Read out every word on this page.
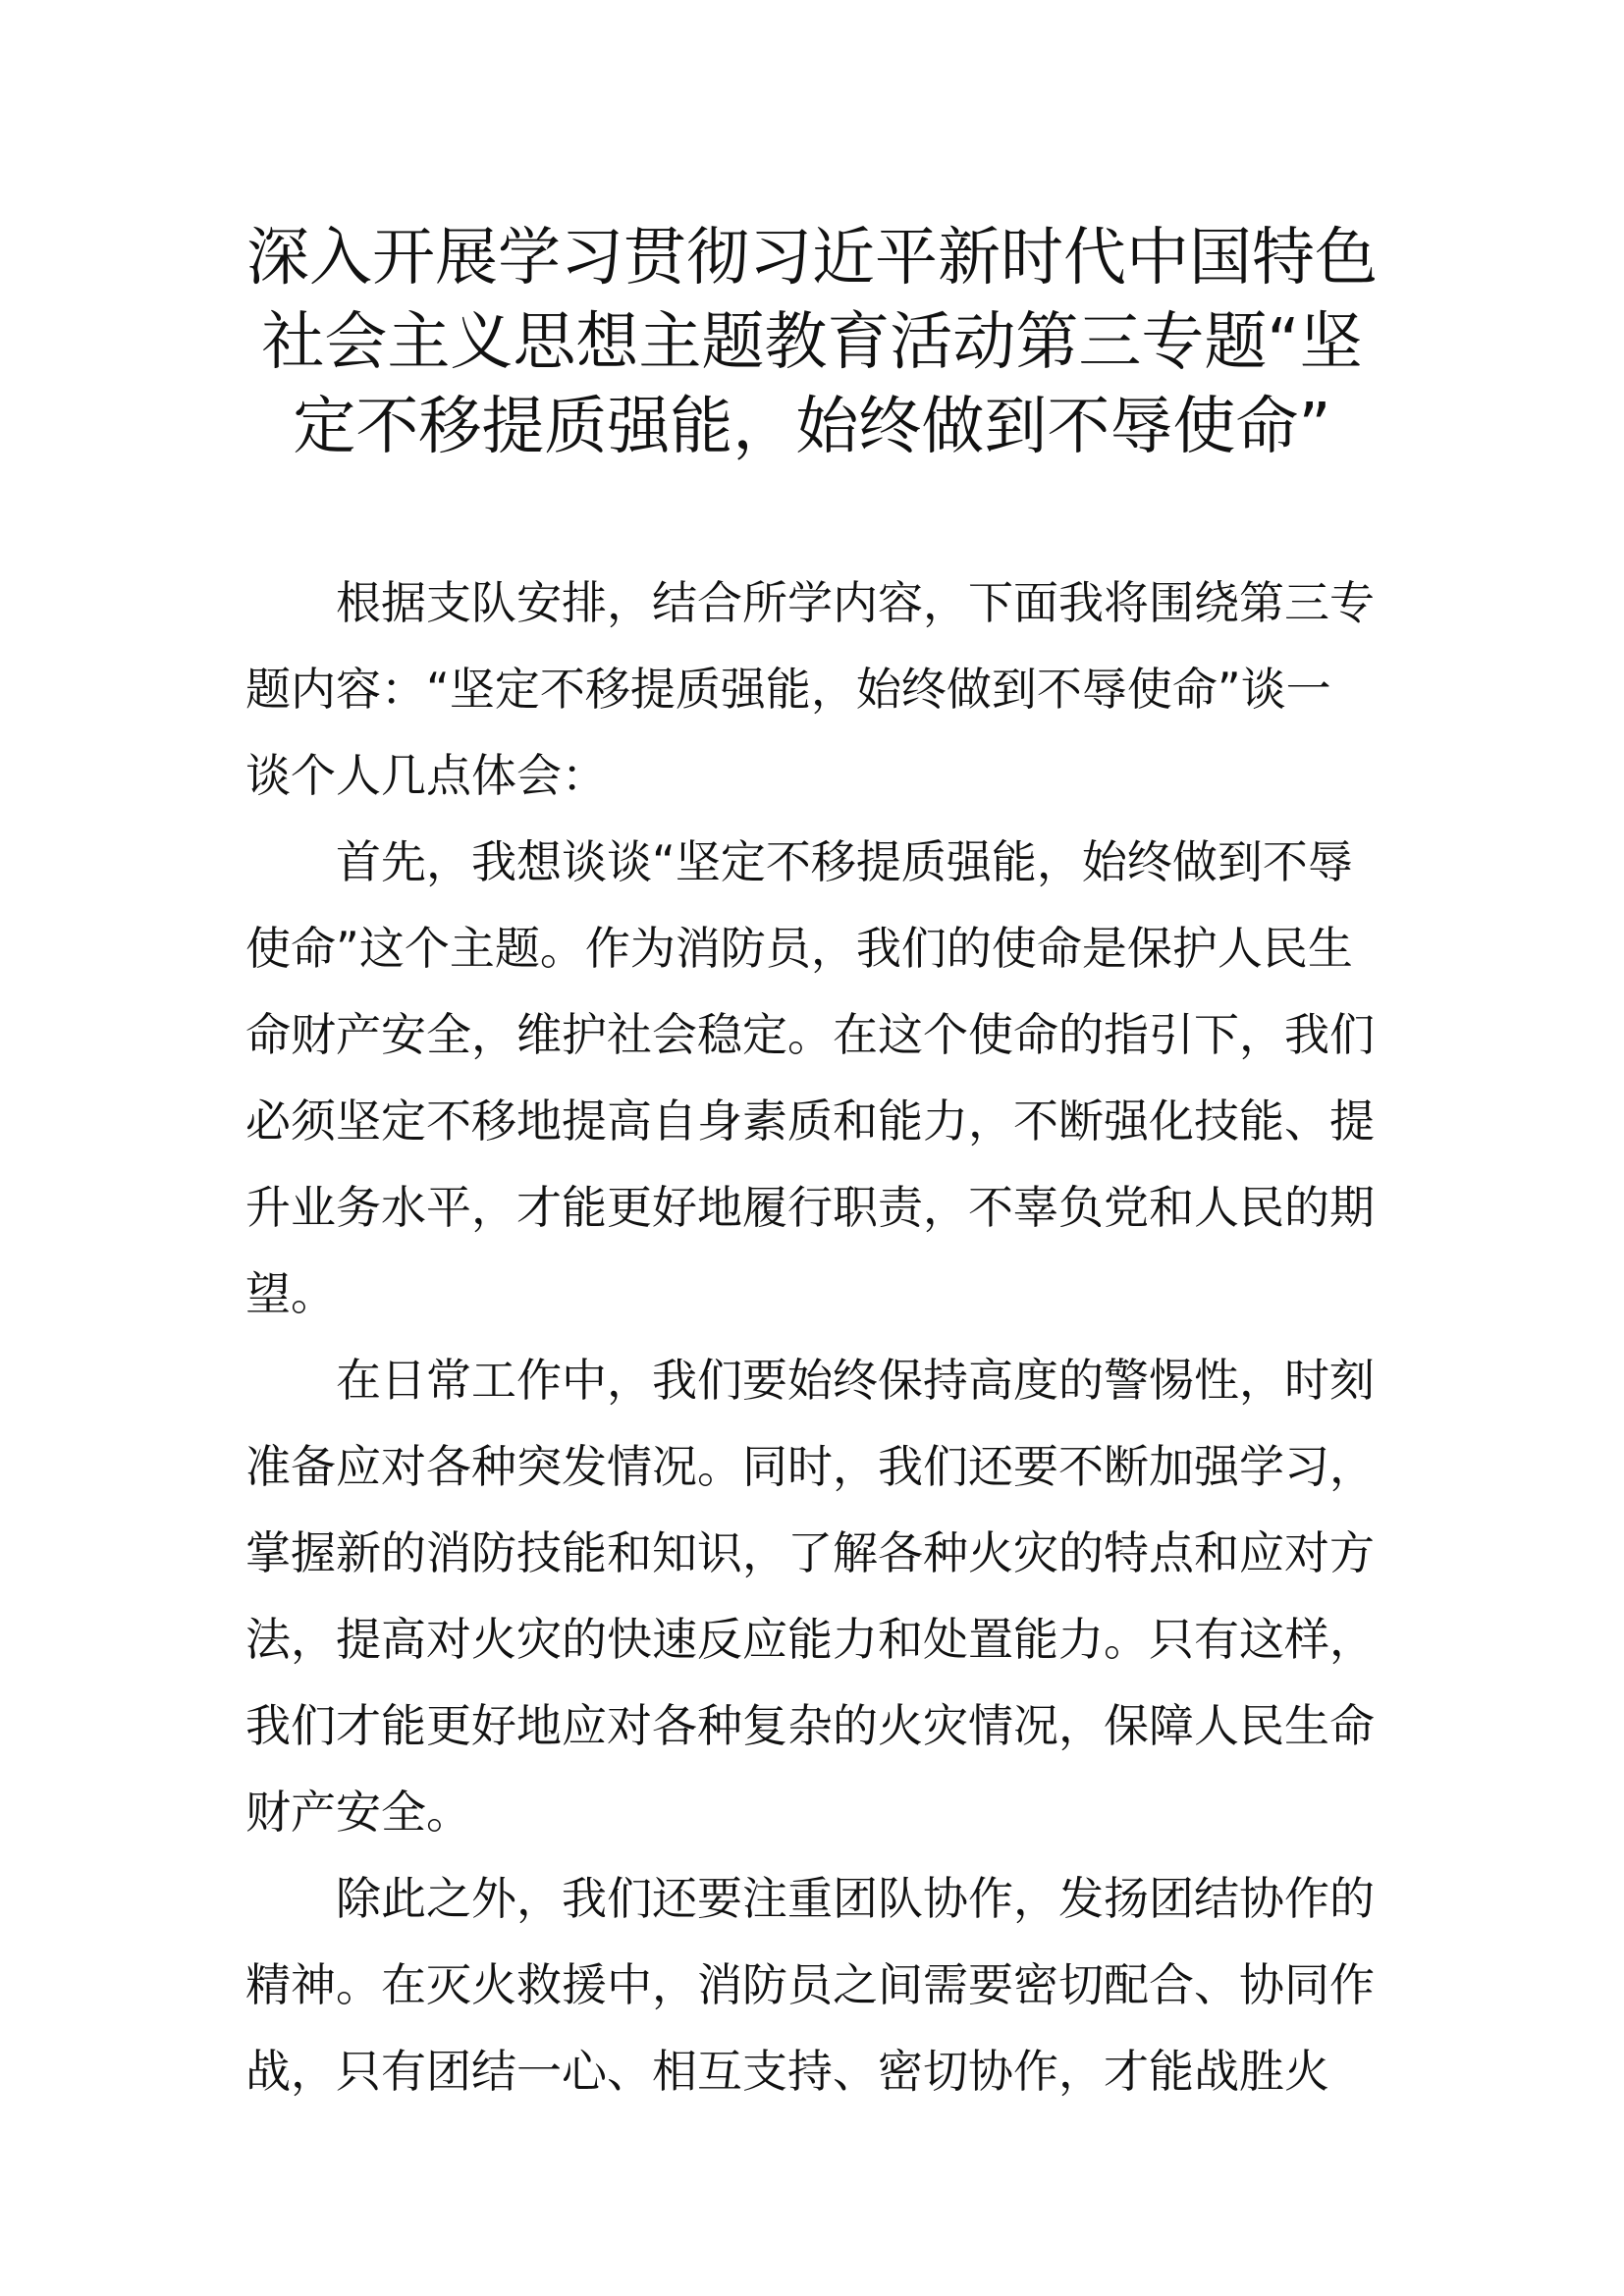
深入开展学习贯彻习近平新时代中国特色
社会主义思想主题教育活动第三专题“坚
定不移提质强能，始终做到不辱使命”

根据支队安排，结合所学内容，下面我将围绕第三专
题内容：“坚定不移提质强能，始终做到不辱使命”谈一
谈个人几点体会：

首先，我想谈谈“坚定不移提质强能，始终做到不辱
使命”这个主题。作为消防员，我们的使命是保护人民生
命财产安全，维护社会稳定。在这个使命的指引下，我们
必须坚定不移地提高自身素质和能力，不断强化技能、提
升业务水平，才能更好地履行职责，不辜负党和人民的期
望。

在日常工作中，我们要始终保持高度的警惕性，时刻
准备应对各种突发情况。同时，我们还要不断加强学习，
掌握新的消防技能和知识，了解各种火灾的特点和应对方
法，提高对火灾的快速反应能力和处置能力。只有这样，
我们才能更好地应对各种复杂的火灾情况，保障人民生命
财产安全。

除此之外，我们还要注重团队协作，发扬团结协作的
精神。在灭火救援中，消防员之间需要密切配合、协同作
战，只有团结一心、相互支持、密切协作，才能战胜火
